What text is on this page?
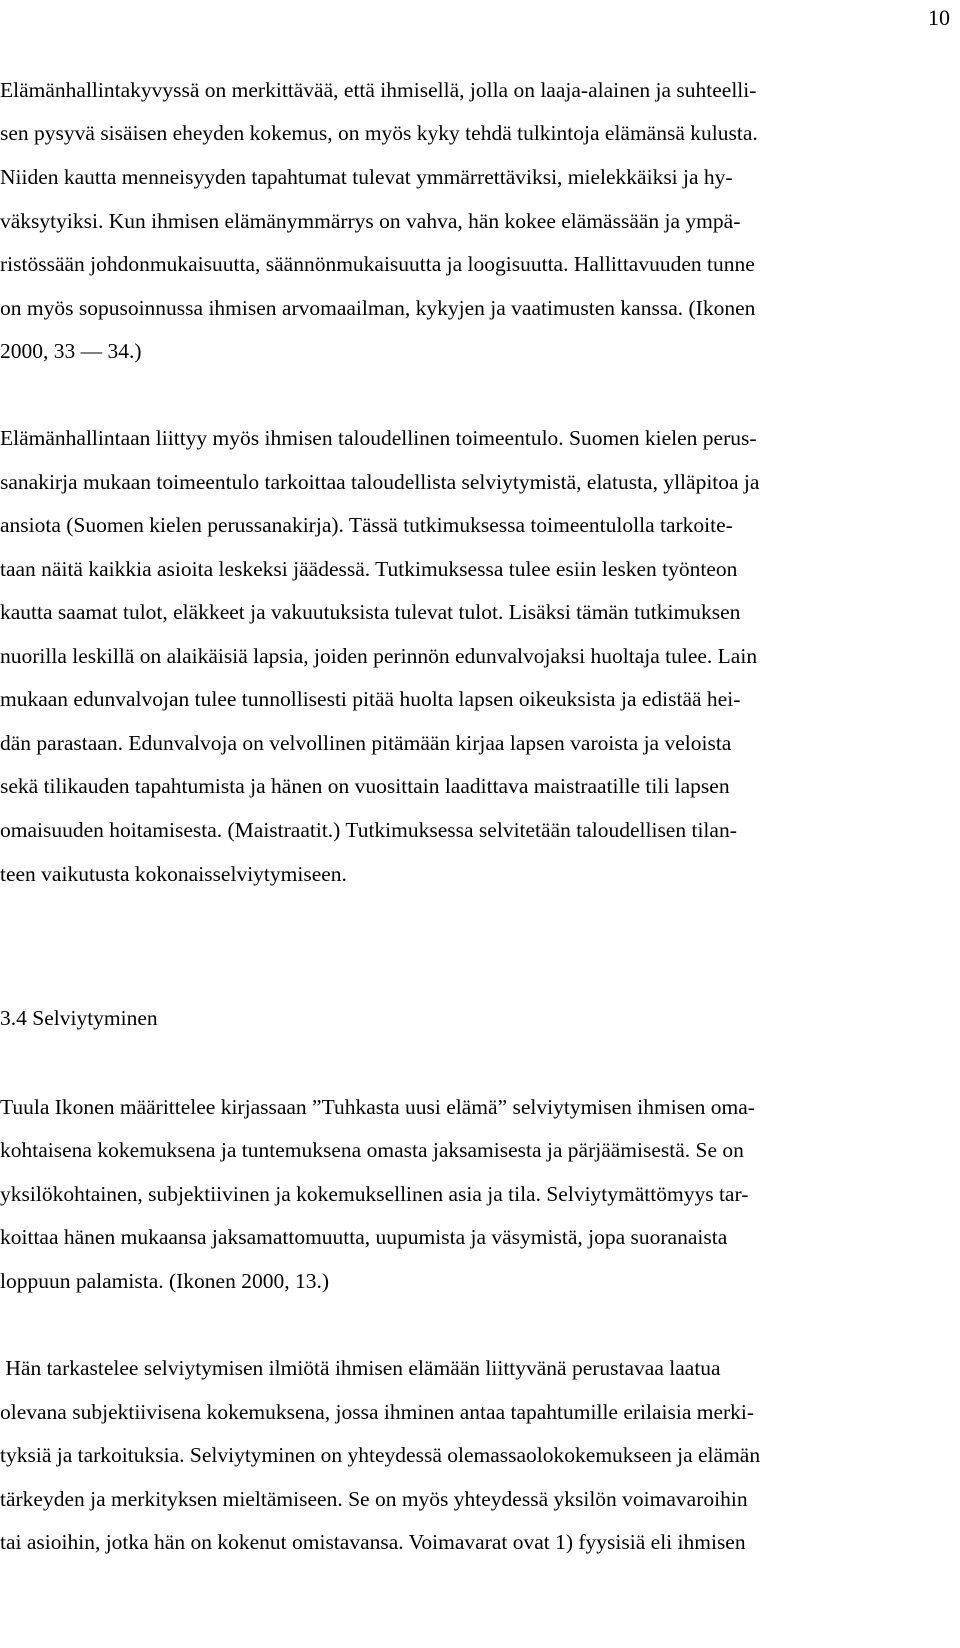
10
Elämänhallintakyvyssä on merkittävää, että ihmisellä, jolla on laaja-alainen ja suhteelli-
sen pysyvä sisäisen eheyden kokemus, on myös kyky tehdä tulkintoja elämänsä kulusta.
Niiden kautta menneisyyden tapahtumat tulevat ymmärrettäviksi, mielekkäiksi ja hy-
väksytyiksi. Kun ihmisen elämänymmärrys on vahva, hän kokee elämässään ja ympä-
ristössään johdonmukaisuutta, säännönmukaisuutta ja loogisuutta. Hallittavuuden tunne
on myös sopusoinnussa ihmisen arvomaailman, kykyjen ja vaatimusten kanssa. (Ikonen
2000, 33 — 34.)
Elämänhallintaan liittyy myös ihmisen taloudellinen toimeentulo. Suomen kielen perus-
sanakirja mukaan toimeentulo tarkoittaa taloudellista selviytymistä, elatusta, ylläpitoa ja
ansiota (Suomen kielen perussanakirja). Tässä tutkimuksessa toimeentulolla tarkoite-
taan näitä kaikkia asioita leskeksi jäädessä. Tutkimuksessa tulee esiin lesken työnteon
kautta saamat tulot, eläkkeet ja vakuutuksista tulevat tulot. Lisäksi tämän tutkimuksen
nuorilla leskillä on alaikäisiä lapsia, joiden perinnön edunvalvojaksi huoltaja tulee. Lain
mukaan edunvalvojan tulee tunnollisesti pitää huolta lapsen oikeuksista ja edistää hei-
dän parastaan. Edunvalvoja on velvollinen pitämään kirjaa lapsen varoista ja veloista
sekä tilikauden tapahtumista ja hänen on vuosittain laadittava maistraatille tili lapsen
omaisuuden hoitamisesta. (Maistraatit.) Tutkimuksessa selvitetään taloudellisen tilan-
teen vaikutusta kokonaisselviytymiseen.
3.4 Selviytyminen
Tuula Ikonen määrittelee kirjassaan ”Tuhkasta uusi elämä” selviytymisen ihmisen oma-
kohtaisena kokemuksena ja tuntemuksena omasta jaksamisesta ja pärjäämisestä. Se on
yksilökohtainen, subjektiivinen ja kokemuksellinen asia ja tila. Selviytymättömyys tar-
koittaa hänen mukaansa jaksamattomuutta, uupumista ja väsymistä, jopa suoranaista
loppuun palamista. (Ikonen 2000, 13.)
Hän tarkastelee selviytymisen ilmiötä ihmisen elämään liittyvänä perustavaa laatua
olevana subjektiivisena kokemuksena, jossa ihminen antaa tapahtumille erilaisia merki-
tyksiä ja tarkoituksia. Selviytyminen on yhteydessä olemassaolokokemukseen ja elämän
tärkeyden ja merkityksen mieltämiseen. Se on myös yhteydessä yksilön voimavaroihin
tai asioihin, jotka hän on kokenut omistavansa. Voimavarat ovat 1) fyysisiä eli ihmisen
